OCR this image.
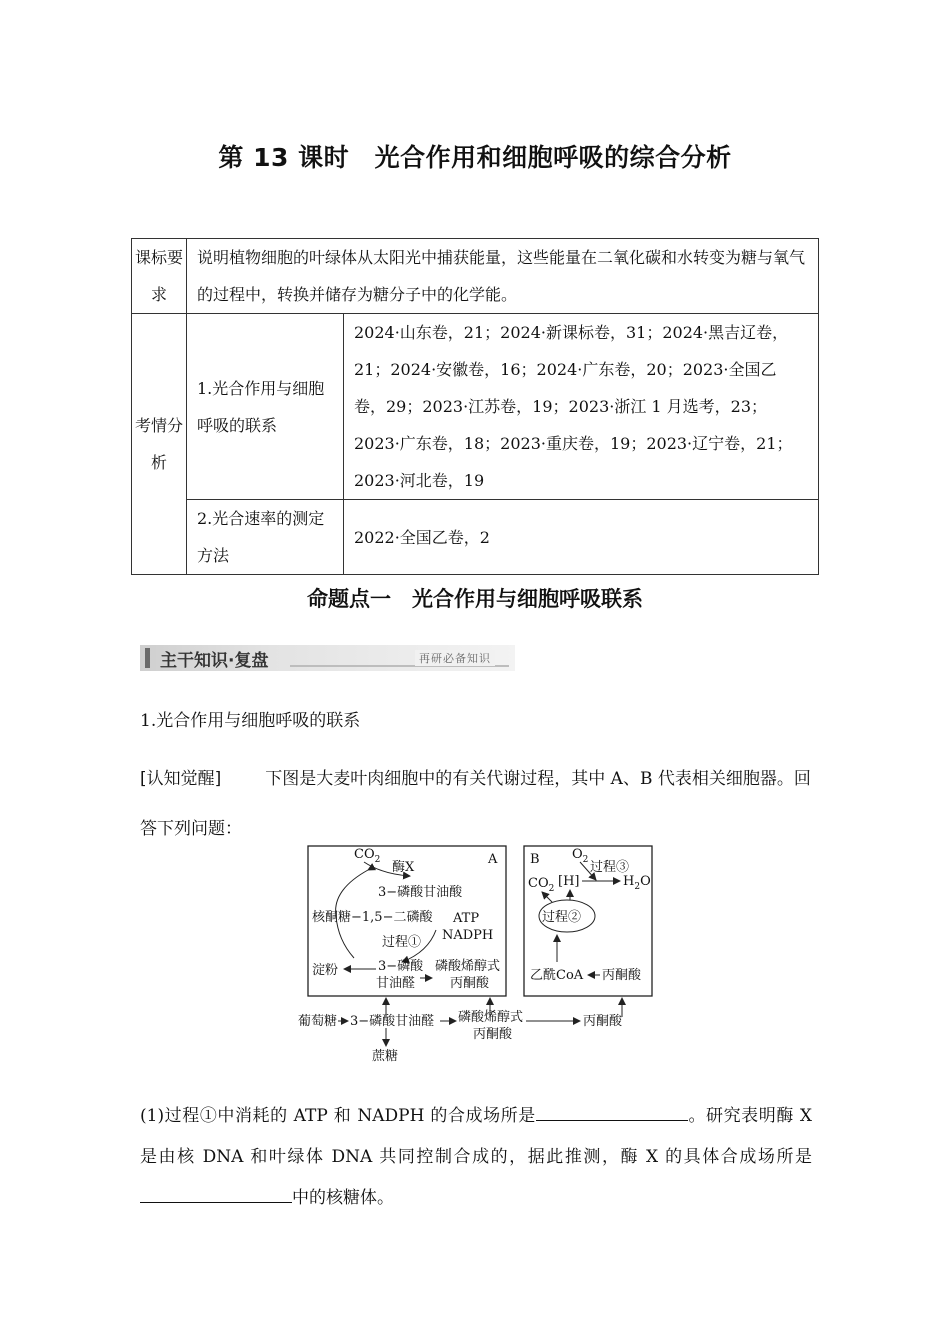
第 13 课时　光合作用和细胞呼吸的综合分析
课标要求	说明植物细胞的叶绿体从太阳光中捕获能量，这些能量在二氧化碳和水转变为糖与氧气的过程中，转换并储存为糖分子中的化学能。	
考情分析	1.光合作用与细胞呼吸的联系	2024·山东卷，21；2024·新课标卷，31；2024·黑吉辽卷，21；2024·安徽卷，16；2024·广东卷，20；2023·全国乙卷，29；2023·江苏卷，19；2023·浙江 1 月选考，23；2023·广东卷，18；2023·重庆卷，19；2023·辽宁卷，21；2023·河北卷，19
	2.光合速率的测定方法	2022·全国乙卷，2
命题点一　光合作用与细胞呼吸联系
主干知识·复盘	再研必备知识
1.光合作用与细胞呼吸的联系
[认知觉醒]	下图是大麦叶肉细胞中的有关代谢过程，其中 A、B 代表相关细胞器。回答下列问题：
A	B
$CO_2$ 酶X
3−磷酸甘油酸
核酮糖−1,5−二磷酸 ATP
NADPH
过程①
淀粉	3−磷酸
甘油醛
磷酸烯醇式
丙酮酸
$O_2$ 过程③
$CO_2$ [H]	$H_2O$
过程②
乙酰CoA 丙酮酸
葡萄糖 3−磷酸甘油醛 磷酸烯醇式
丙酮酸
丙酮酸
蔗糖
(1)过程①中消耗的 ATP 和 NADPH 的合成场所是	。研究表明酶 X 是由核 DNA 和叶绿体 DNA 共同控制合成的，据此推测，酶 X 的具体合成场所是中的核糖体。
